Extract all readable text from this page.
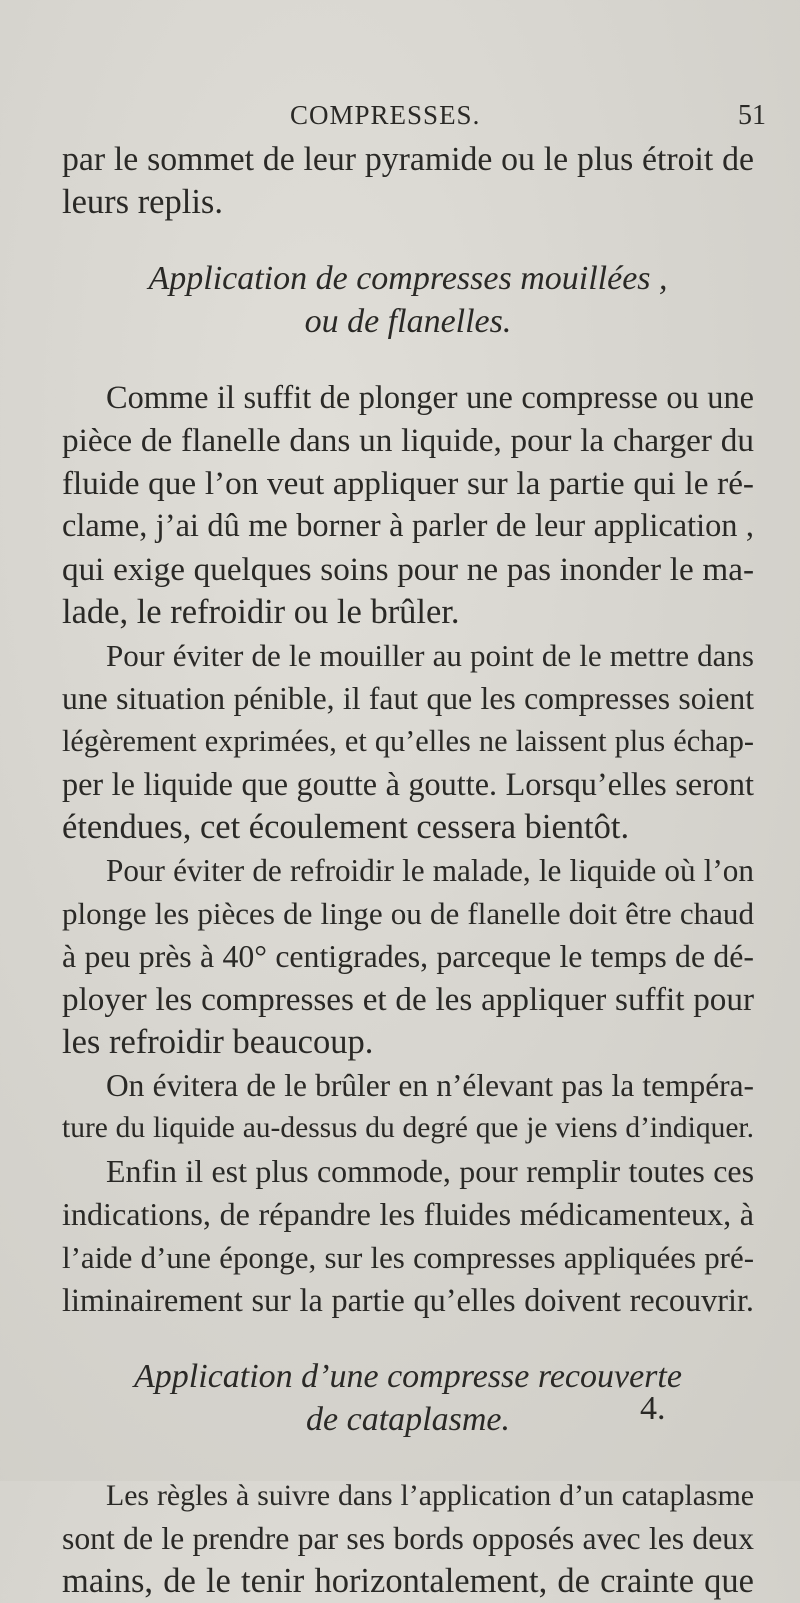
COMPRESSES.	51
par le sommet de leur pyramide ou le plus étroit de
leurs replis.
Application de compresses mouillées ,
ou de flanelles.
Comme il suffit de plonger une compresse ou une
pièce de flanelle dans un liquide, pour la charger du
fluide que l’on veut appliquer sur la partie qui le ré-
clame, j’ai dû me borner à parler de leur application ,
qui exige quelques soins pour ne pas inonder le ma-
lade, le refroidir ou le brûler.
Pour éviter de le mouiller au point de le mettre dans
une situation pénible, il faut que les compresses soient
légèrement exprimées, et qu’elles ne laissent plus échap-
per le liquide que goutte à goutte. Lorsqu’elles seront
étendues, cet écoulement cessera bientôt.
Pour éviter de refroidir le malade, le liquide où l’on
plonge les pièces de linge ou de flanelle doit être chaud
à peu près à 40° centigrades, parceque le temps de dé-
ployer les compresses et de les appliquer suffit pour
les refroidir beaucoup.
On évitera de le brûler en n’élevant pas la tempéra-
ture du liquide au-dessus du degré que je viens d’indiquer.
Enfin il est plus commode, pour remplir toutes ces
indications, de répandre les fluides médicamenteux, à
l’aide d’une éponge, sur les compresses appliquées pré-
liminairement sur la partie qu’elles doivent recouvrir.
Application d’une compresse recouverte
de cataplasme.
Les règles à suivre dans l’application d’un cataplasme
sont de le prendre par ses bords opposés avec les deux
mains, de le tenir horizontalement, de crainte que
4.
